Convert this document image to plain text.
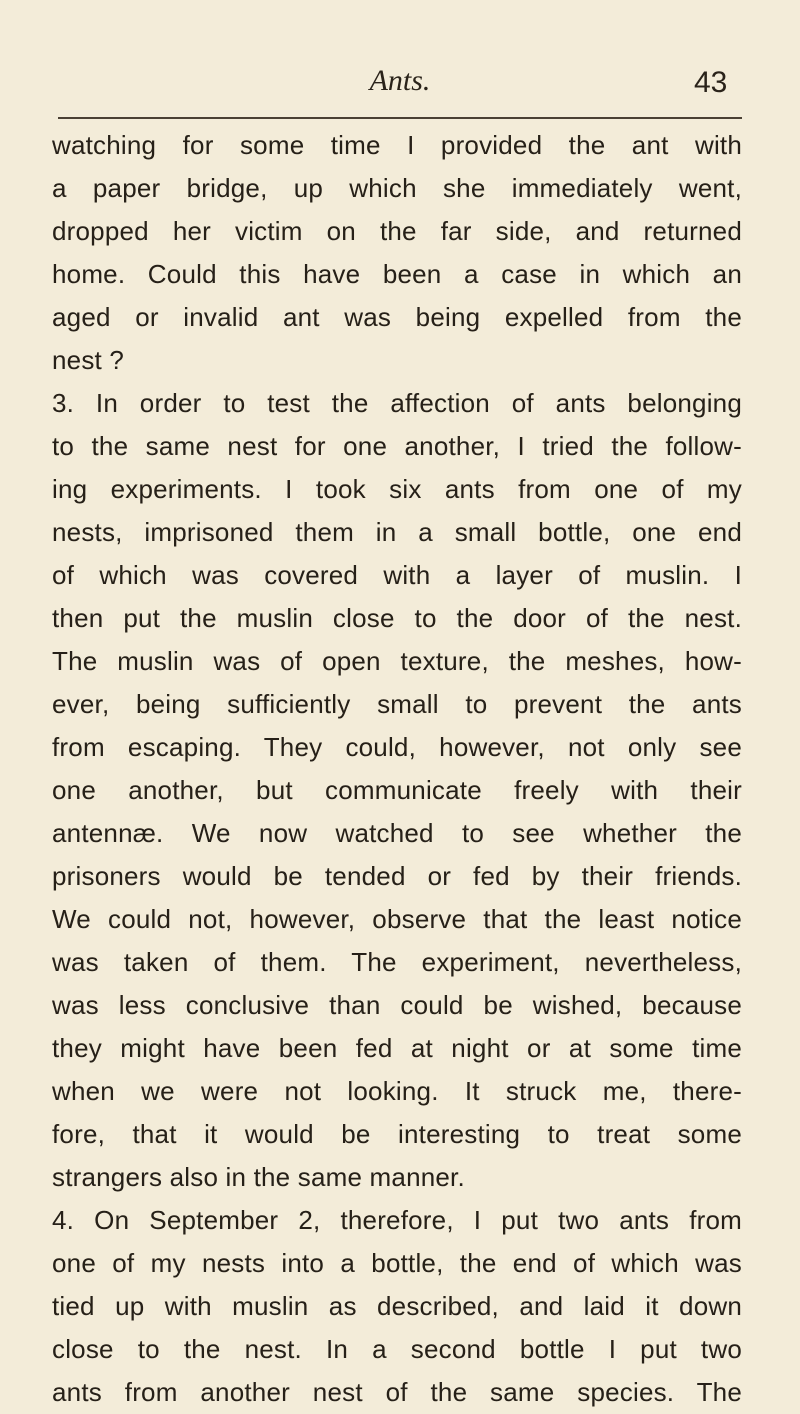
Ants.	43
watching for some time I provided the ant with
a paper bridge, up which she immediately went,
dropped her victim on the far side, and returned
home. Could this have been a case in which an
aged or invalid ant was being expelled from the
nest ?
3. In order to test the affection of ants belonging
to the same nest for one another, I tried the follow-
ing experiments. I took six ants from one of my
nests, imprisoned them in a small bottle, one end
of which was covered with a layer of muslin. I
then put the muslin close to the door of the nest.
The muslin was of open texture, the meshes, how-
ever, being sufficiently small to prevent the ants
from escaping. They could, however, not only see
one another, but communicate freely with their
antennæ. We now watched to see whether the
prisoners would be tended or fed by their friends.
We could not, however, observe that the least notice
was taken of them. The experiment, nevertheless,
was less conclusive than could be wished, because
they might have been fed at night or at some time
when we were not looking. It struck me, there-
fore, that it would be interesting to treat some
strangers also in the same manner.
4. On September 2, therefore, I put two ants from
one of my nests into a bottle, the end of which was
tied up with muslin as described, and laid it down
close to the nest. In a second bottle I put two
ants from another nest of the same species. The
